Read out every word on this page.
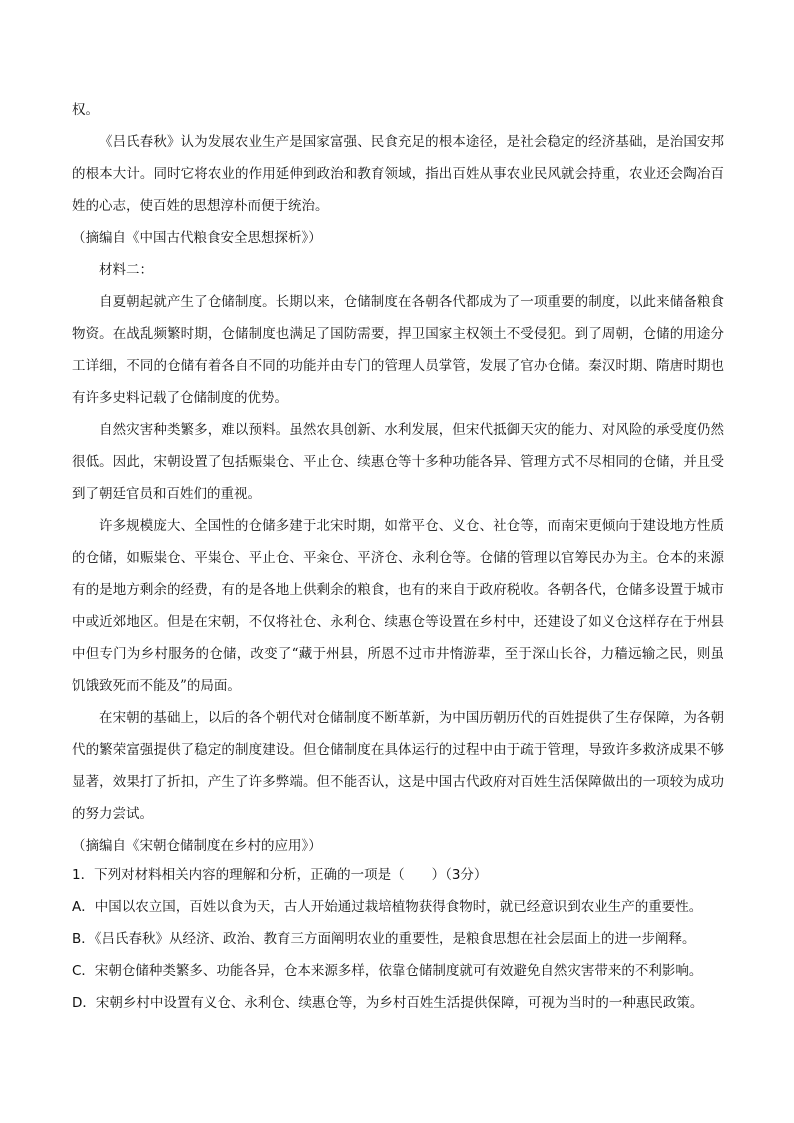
权。

《吕氏春秋》认为发展农业生产是国家富强、民食充足的根本途径，是社会稳定的经济基础，是治国安邦的根本大计。同时它将农业的作用延伸到政治和教育领域，指出百姓从事农业民风就会持重，农业还会陶冶百姓的心志，使百姓的思想淳朴而便于统治。

（摘编自《中国古代粮食安全思想探析》）

材料二：

自夏朝起就产生了仓储制度。长期以来，仓储制度在各朝各代都成为了一项重要的制度，以此来储备粮食物资。在战乱频繁时期，仓储制度也满足了国防需要，捍卫国家主权领土不受侵犯。到了周朝，仓储的用途分工详细，不同的仓储有着各自不同的功能并由专门的管理人员掌管，发展了官办仓储。秦汉时期、隋唐时期也有许多史料记载了仓储制度的优势。

自然灾害种类繁多，难以预料。虽然农具创新、水利发展，但宋代抵御天灾的能力、对风险的承受度仍然很低。因此，宋朝设置了包括赈粜仓、平止仓、续惠仓等十多种功能各异、管理方式不尽相同的仓储，并且受到了朝廷官员和百姓们的重视。

许多规模庞大、全国性的仓储多建于北宋时期，如常平仓、义仓、社仓等，而南宋更倾向于建设地方性质的仓储，如赈粜仓、平粜仓、平止仓、平籴仓、平济仓、永利仓等。仓储的管理以官筹民办为主。仓本的来源有的是地方剩余的经费，有的是各地上供剩余的粮食，也有的来自于政府税收。各朝各代，仓储多设置于城市中或近郊地区。但是在宋朝，不仅将社仓、永利仓、续惠仓等设置在乡村中，还建设了如义仓这样存在于州县中但专门为乡村服务的仓储，改变了“藏于州县，所恩不过市井惰游辈，至于深山长谷，力穑远输之民，则虽饥饿致死而不能及”的局面。

在宋朝的基础上，以后的各个朝代对仓储制度不断革新，为中国历朝历代的百姓提供了生存保障，为各朝代的繁荣富强提供了稳定的制度建设。但仓储制度在具体运行的过程中由于疏于管理，导致许多救济成果不够显著，效果打了折扣，产生了许多弊端。但不能否认，这是中国古代政府对百姓生活保障做出的一项较为成功的努力尝试。

（摘编自《宋朝仓储制度在乡村的应用》）

1．下列对材料相关内容的理解和分析，正确的一项是（　　）（3分）
A．中国以农立国，百姓以食为天，古人开始通过栽培植物获得食物时，就已经意识到农业生产的重要性。
B．《吕氏春秋》从经济、政治、教育三方面阐明农业的重要性，是粮食思想在社会层面上的进一步阐释。
C．宋朝仓储种类繁多、功能各异，仓本来源多样，依靠仓储制度就可有效避免自然灾害带来的不利影响。
D．宋朝乡村中设置有义仓、永利仓、续惠仓等，为乡村百姓生活提供保障，可视为当时的一种惠民政策。
